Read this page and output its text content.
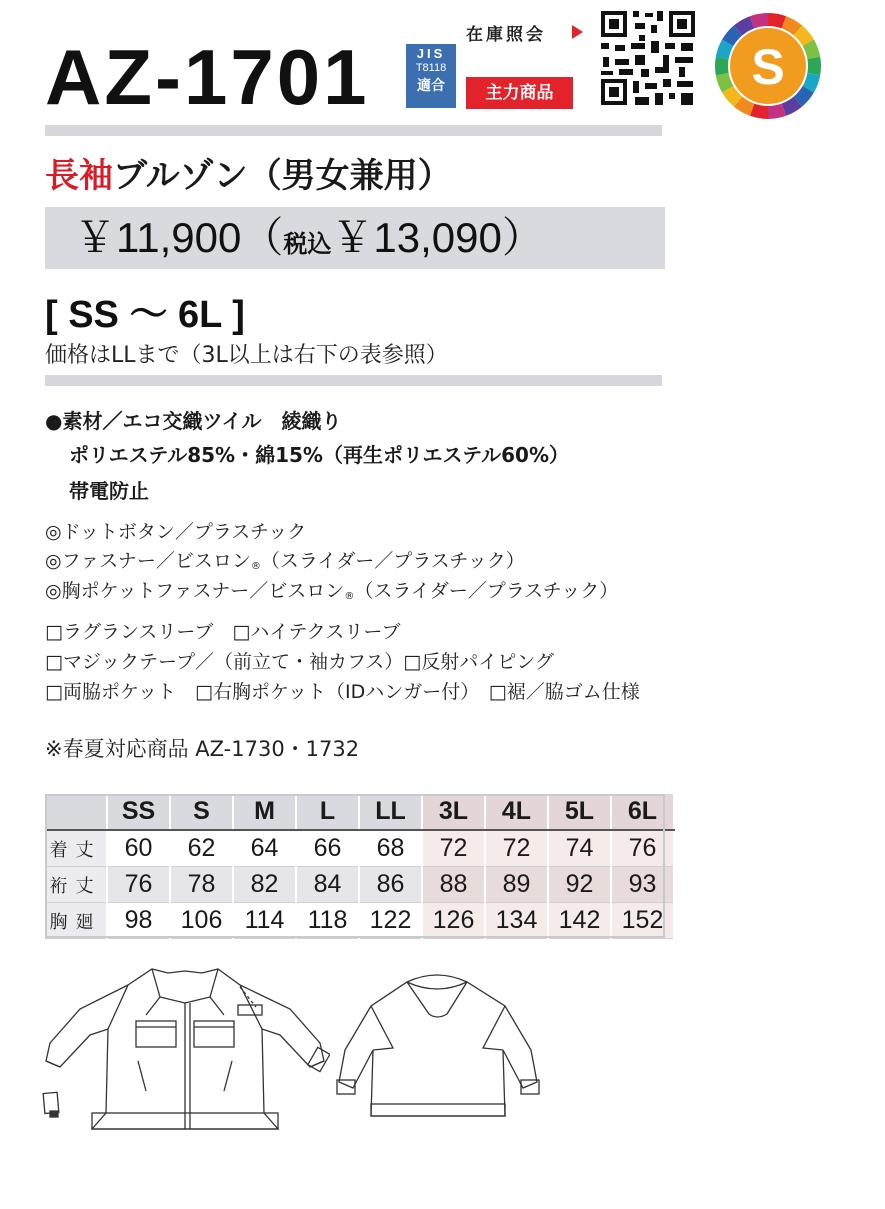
AZ-1701	JIS
T8118
適合
在庫照会
主力商品	S
長袖ブルゾン（男女兼用）
￥11,900（税込￥13,090）
[ SS ～ 6L ]
価格はLLまで（3L以上は右下の表参照）
●素材／エコ交織ツイル　綾織り
ポリエステル85%・綿15%（再生ポリエステル60%）
帯電防止
◎ドットボタン／プラスチック
◎ファスナー／ビスロン$_®$（スライダー／プラスチック）
◎胸ポケットファスナー／ビスロン$_®$（スライダー／プラスチック）
□ラグランスリーブ　□ハイテクスリーブ
□マジックテープ／（前立て・袖カフス）□反射パイピング
□両脇ポケット　□右胸ポケット（IDハンガー付）　□裾／脇ゴム仕様
※春夏対応商品 AZ-1730・1732
	SS	S	M	L	LL	3L	4L	5L	6L
着丈	60	62	64	66	68	72	72	74	76
裄丈	76	78	82	84	86	88	89	92	93
胸廻	98	106	114	118	122	126	134	142	152
